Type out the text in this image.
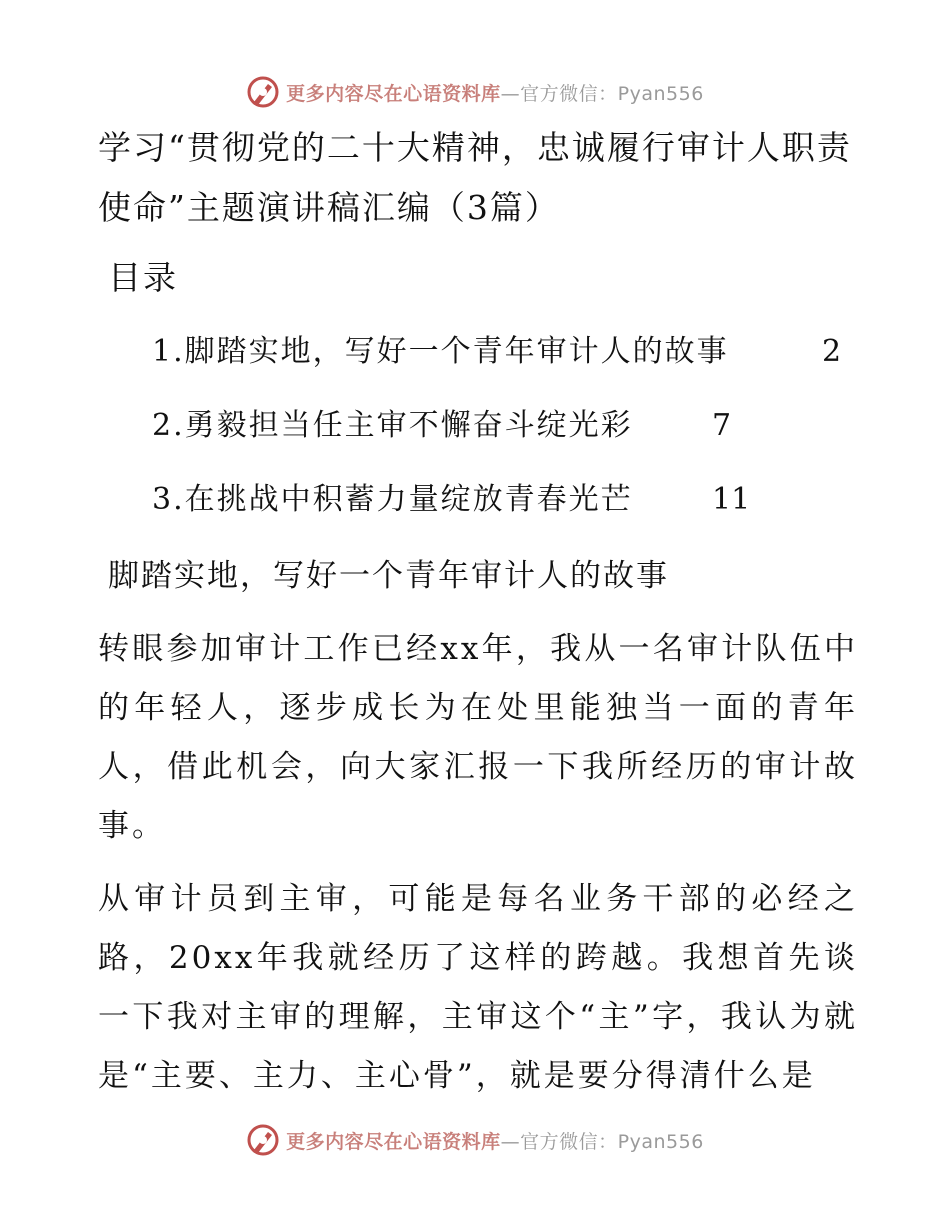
更多内容尽在心语资料库—官方微信：Pyan556
学习“贯彻党的二十大精神，忠诚履行审计人职责使命”主题演讲稿汇编（3篇）
目录
1.脚踏实地，写好一个青年审计人的故事	2
2.勇毅担当任主审不懈奋斗绽光彩	7
3.在挑战中积蓄力量绽放青春光芒	11
脚踏实地，写好一个青年审计人的故事
转眼参加审计工作已经xx年，我从一名审计队伍中的年轻人，逐步成长为在处里能独当一面的青年人，借此机会，向大家汇报一下我所经历的审计故事。
从审计员到主审，可能是每名业务干部的必经之路，20xx年我就经历了这样的跨越。我想首先谈一下我对主审的理解，主审这个“主”字，我认为就是“主要、主力、主心骨”，就是要分得清什么是
更多内容尽在心语资料库—官方微信：Pyan556
